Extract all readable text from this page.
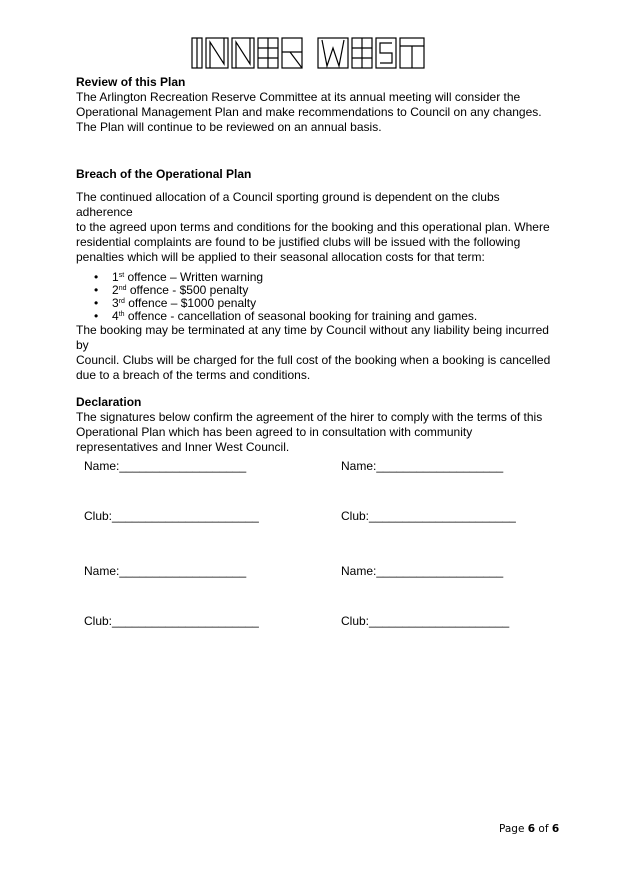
Review of this Plan

The Arlington Recreation Reserve Committee at its annual meeting will consider the
Operational Management Plan and make recommendations to Council on any changes.
The Plan will continue to be reviewed on an annual basis.

Breach of the Operational Plan

The continued allocation of a Council sporting ground is dependent on the clubs adherence
to the agreed upon terms and conditions for the booking and this operational plan. Where
residential complaints are found to be justified clubs will be issued with the following
penalties which will be applied to their seasonal allocation costs for that term:

• 1st offence – Written warning
• 2nd offence - $500 penalty
• 3rd offence – $1000 penalty
• 4th offence - cancellation of seasonal booking for training and games.

The booking may be terminated at any time by Council without any liability being incurred by
Council. Clubs will be charged for the full cost of the booking when a booking is cancelled
due to a breach of the terms and conditions.

Declaration

The signatures below confirm the agreement of the hirer to comply with the terms of this
Operational Plan which has been agreed to in consultation with community
representatives and Inner West Council.

Name:___________________	Name:___________________
Club:______________________	Club:______________________
Name:___________________	Name:___________________
Club:______________________	Club:_____________________
Page 6 of 6
